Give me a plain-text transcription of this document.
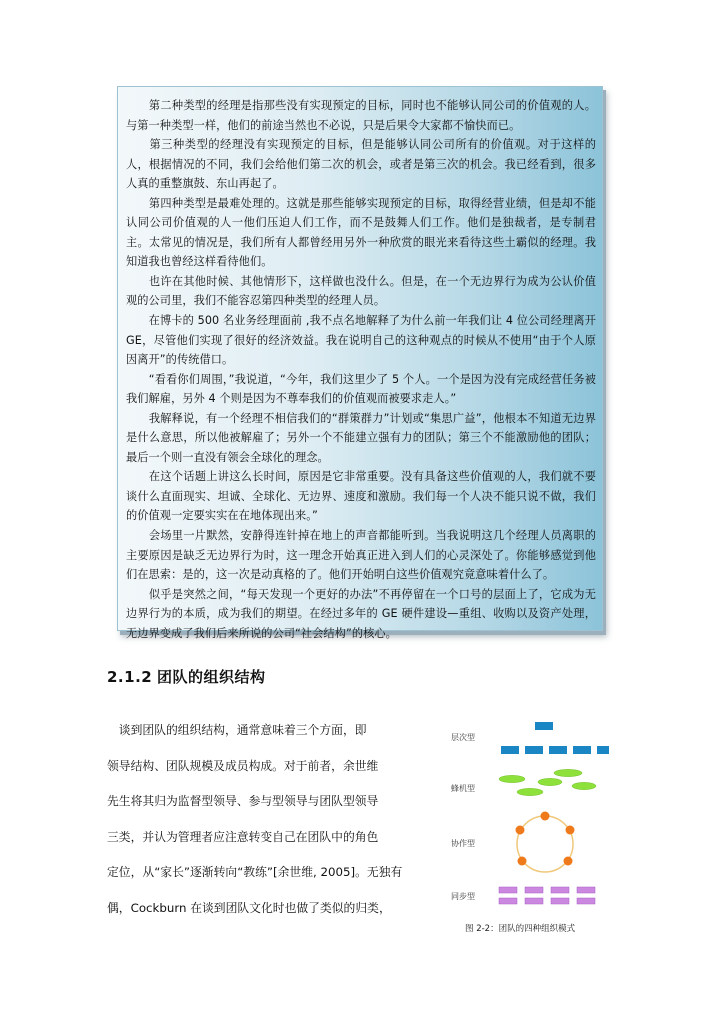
　　第二种类型的经理是指那些没有实现预定的目标，同时也不能够认同公司的价值观的人。与第一种类型一样，他们的前途当然也不必说，只是后果令大家都不愉快而已。

　　第三种类型的经理没有实现预定的目标，但是能够认同公司所有的价值观。对于这样的人，根据情况的不同，我们会给他们第二次的机会，或者是第三次的机会。我已经看到，很多人真的重整旗鼓、东山再起了。

　　第四种类型是最难处理的。这就是那些能够实现预定的目标，取得经营业绩，但是却不能认同公司价值观的人一他们压迫人们工作，而不是鼓舞人们工作。他们是独裁者，是专制君主。太常见的情况是，我们所有人都曾经用另外一种欣赏的眼光来看待这些土霸似的经理。我知道我也曾经这样看待他们。

　　也许在其他时候、其他情形下，这样做也没什么。但是，在一个无边界行为成为公认价值观的公司里，我们不能容忍第四种类型的经理人员。

　　在博卡的 500 名业务经理面前 ,我不点名地解释了为什么前一年我们让 4 位公司经理离开 GE，尽管他们实现了很好的经济效益。我在说明自己的这种观点的时候从不使用“由于个人原因离开”的传统借口。

　　“看看你们周围，”我说道，“今年，我们这里少了 5 个人。一个是因为没有完成经营任务被我们解雇，另外 4 个则是因为不尊奉我们的价值观而被要求走人。”

　　我解释说，有一个经理不相信我们的“群策群力”计划或“集思广益”，他根本不知道无边界是什么意思，所以他被解雇了；另外一个不能建立强有力的团队；第三个不能激励他的团队；最后一个则一直没有领会全球化的理念。

　　在这个话题上讲这么长时间，原因是它非常重要。没有具备这些价值观的人，我们就不要谈什么直面现实、坦诚、全球化、无边界、速度和激励。我们每一个人决不能只说不做，我们的价值观一定要实实在在地体现出来。”

　　会场里一片默然，安静得连针掉在地上的声音都能听到。当我说明这几个经理人员离职的主要原因是缺乏无边界行为时，这一理念开始真正进入到人们的心灵深处了。你能够感觉到他们在思索：是的，这一次是动真格的了。他们开始明白这些价值观究竟意味着什么了。

　　似乎是突然之间，“每天发现一个更好的办法”不再停留在一个口号的层面上了，它成为无边界行为的本质，成为我们的期望。在经过多年的 GE 硬件建设—重组、收购以及资产处理，无边界变成了我们后来所说的公司“社会结构”的核心。

2.1.2 团队的组织结构

　谈到团队的组织结构，通常意味着三个方面，即

领导结构、团队规模及成员构成。对于前者，余世维

先生将其归为监督型领导、参与型领导与团队型领导

三类，并认为管理者应注意转变自己在团队中的角色

定位，从“家长”逐渐转向“教练”[余世维, 2005]。无独有

偶，Cockburn 在谈到团队文化时也做了类似的归类，

层次型
蜂机型
协作型
同步型
图 2-2：团队的四种组织模式
